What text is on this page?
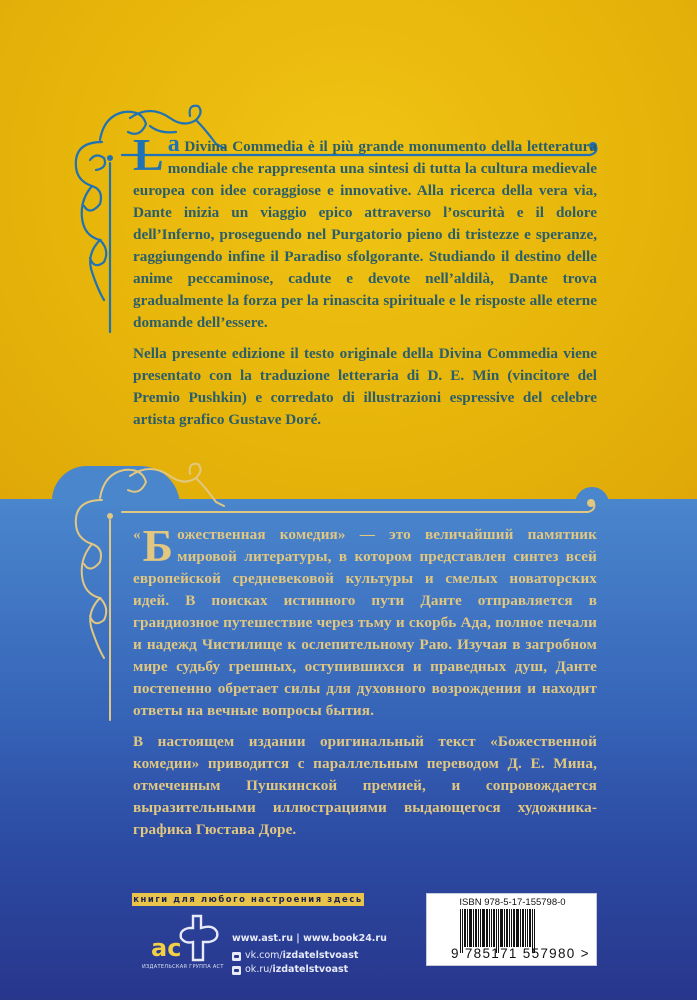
La Divina Commedia è il più grande monumento della letteratura mondiale che rappresenta una sintesi di tutta la cultura medievale europea con idee coraggiose e innovative. Alla ricerca della vera via, Dante inizia un viaggio epico attraverso l’oscurità e il dolore dell’Inferno, proseguendo nel Purgatorio pieno di tristezze e speranze, raggiungendo infine il Paradiso sfolgorante. Studiando il destino delle anime peccaminose, cadute e devote nell’aldilà, Dante trova gradualmente la forza per la rinascita spirituale e le risposte alle eterne domande dell’essere.

Nella presente edizione il testo originale della Divina Commedia viene presentato con la traduzione letteraria di D. E. Min (vincitore del Premio Pushkin) e corredato di illustrazioni espressive del celebre artista grafico Gustave Doré.

« Б ожественная комедия» — это величайший памятник мировой литературы, в котором представлен синтез всей европейской средневековой культуры и смелых новаторских идей. В поисках истинного пути Данте отправляется в грандиозное путешествие через тьму и скорбь Ада, полное печали и надежд Чистилище к ослепительному Раю. Изучая в загробном мире судьбу грешных, оступившихся и праведных душ, Данте постепенно обретает силы для духовного возрождения и находит ответы на вечные вопросы бытия.

В настоящем издании оригинальный текст «Божественной комедии» приводится с параллельным переводом Д. Е. Мина, отмеченным Пушкинской премией, и сопровождается выразительными иллюстрациями выдающегося художника-графика Гюстава Доре.

книги для любого настроения здесь
ас
ИЗДАТЕЛЬСКАЯ ГРУППА АСТ
www.ast.ru | www.book24.ru
vk.com/ izdatelstvoast
ok.ru/ izdatelstvoast
ISBN 978-5-17-155798-0
9 785171 557980 >
